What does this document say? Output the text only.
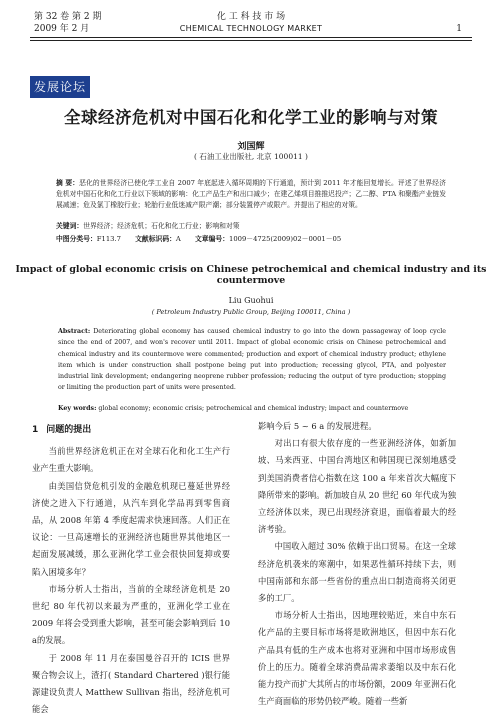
第 32 卷 第 2 期
2009 年 2 月
化 工 科 技 市 场
CHEMICAL TECHNOLOGY MARKET	1
发展论坛
全球经济危机对中国石化和化学工业的影响与对策
刘国辉
( 石油工业出版社, 北京 100011 )
摘 要：恶化的世界经济已使化学工业自 2007 年底起进入循环周期的下行通道，预计到 2011 年才能回复增长。评述了世界经济危机对中国石化和化工行业以下领域的影响：化工产品生产和出口减少；在建乙烯项目推推迟投产；乙二醇、PTA 和聚酯产业链发展减速；危及氯丁橡胶行业；轮胎行业低迷减产限产潮；部分装置停产或限产。并提出了相应的对策。
关键词：世界经济；经济危机；石化和化工行业；影响和对策
中图分类号：F113.7 文献标识码：A 文章编号：1009－4725(2009)02－0001－05
Impact of global economic crisis on Chinese petrochemical and chemical industry and its countermove
Liu Guohui
( Petroleum Industry Public Group, Beijing 100011, China )
Abstract: Deteriorating global economy has caused chemical industry to go into the down passageway of loop cycle since the end of 2007, and won's recover until 2011. Impact of global economic crisis on Chinese petrochemical and chemical industry and its countermove were commented; production and export of chemical industry product; ethylene item which is under construction shall postpone being put into production; recessing glycol, PTA, and polyester industrial link development; endangering neoprene rubber profession; reducing the output of tyre production; stopping or limiting the production part of units were presented.
Key words: global economy; economic crisis; petrochemical and chemical industry; impact and countermove
1 问题的提出

当前世界经济危机正在对全球石化和化工生产行业产生重大影响。

由美国信贷危机引发的金融危机现已蔓延世界经济使之进入下行通道，从汽车到化学品再到零售商品，从 2008 年第 4 季度起需求快速回落。人们正在议论：一旦高速增长的亚洲经济也随世界其他地区一起面发展减缓，那么亚洲化学工业会很快回复抑或要陷入困境多年？

市场分析人士指出，当前的全球经济危机是 20 世纪 80 年代初以来最为严重的，亚洲化学工业在 2009 年将会受到重大影响，甚至可能会影响到后 10 a的发展。

于 2008 年 11 月在泰国曼谷召开的 ICIS 世界聚合物会议上，渣打( Standard Chartered )银行能源建设负责人 Matthew Sullivan 指出，经济危机可能会

影响今后 5 ~ 6 a 的发展进程。

对出口有很大依存度的一些亚洲经济体，如新加坡、马来西亚、中国台湾地区和韩国现已深刻地感受到美国消费者信心指数在这 100 a 年来首次大幅度下降所带来的影响。新加坡自从 20 世纪 60 年代成为独立经济体以来，现已出现经济衰退，面临着最大的经济考验。

中国收入超过 30% 依赖于出口贸易。在这一全球经济危机袭来的寒潮中，如果恶性循环持续下去，则中国南部和东部一些省份的重点出口制造商将关闭更多的工厂。

市场分析人士指出，因地理较贴近，来自中东石化产品的主要目标市场将是欧洲地区，但因中东石化产品具有低的生产成本也将对亚洲和中国市场形成售价上的压力。随着全球消费品需求萎缩以及中东石化能力投产而扩大其所占的市场份额，2009 年亚洲石化生产商面临的形势仍较严峻。随着一些新
